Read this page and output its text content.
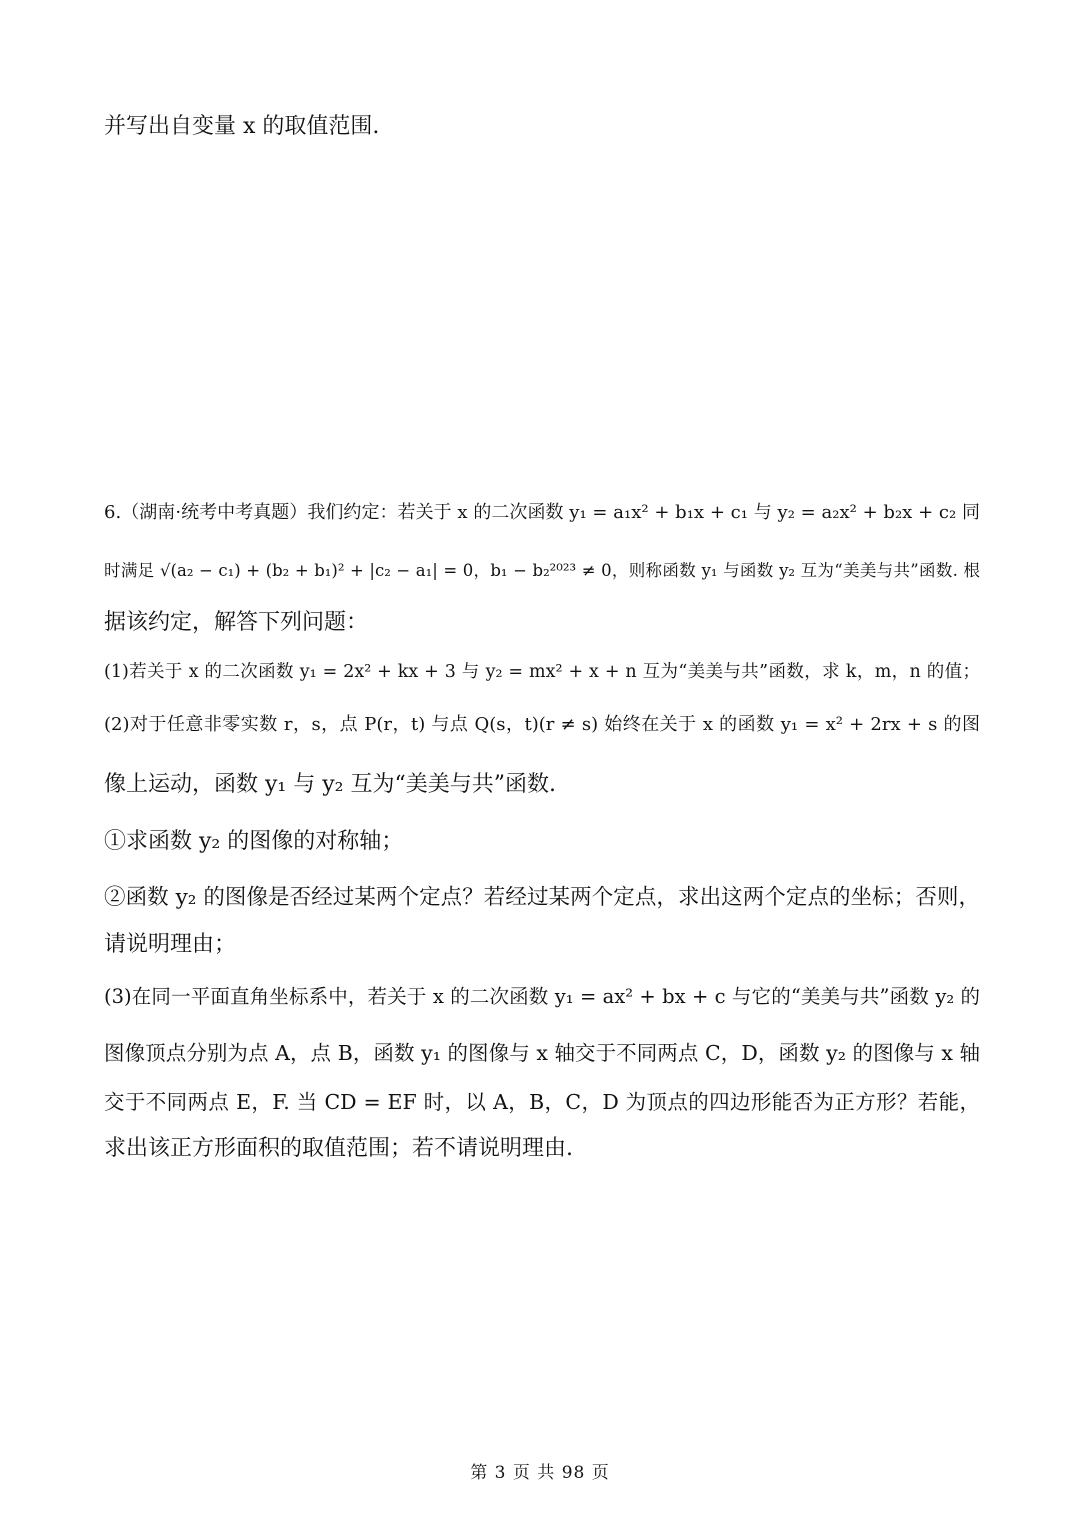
并写出自变量 x 的取值范围.
6.（湖南·统考中考真题）我们约定：若关于 x 的二次函数 y₁ = a₁x² + b₁x + c₁ 与 y₂ = a₂x² + b₂x + c₂ 同
时满足 √(a₂ − c₁) + (b₂ + b₁)² + |c₂ − a₁| = 0，b₁ − b₂²⁰²³ ≠ 0，则称函数 y₁ 与函数 y₂ 互为“美美与共”函数. 根
据该约定，解答下列问题：
(1)若关于 x 的二次函数 y₁ = 2x² + kx + 3 与 y₂ = mx² + x + n 互为“美美与共”函数，求 k，m，n 的值；
(2)对于任意非零实数 r，s，点 P(r，t) 与点 Q(s，t)(r ≠ s) 始终在关于 x 的函数 y₁ = x² + 2rx + s 的图
像上运动，函数 y₁ 与 y₂ 互为“美美与共”函数.
①求函数 y₂ 的图像的对称轴；
②函数 y₂ 的图像是否经过某两个定点？若经过某两个定点，求出这两个定点的坐标；否则，
请说明理由；
(3)在同一平面直角坐标系中，若关于 x 的二次函数 y₁ = ax² + bx + c 与它的“美美与共”函数 y₂ 的
图像顶点分别为点 A，点 B，函数 y₁ 的图像与 x 轴交于不同两点 C，D，函数 y₂ 的图像与 x 轴
交于不同两点 E，F. 当 CD = EF 时，以 A，B，C，D 为顶点的四边形能否为正方形？若能，
求出该正方形面积的取值范围；若不请说明理由.
第 3 页 共 98 页
